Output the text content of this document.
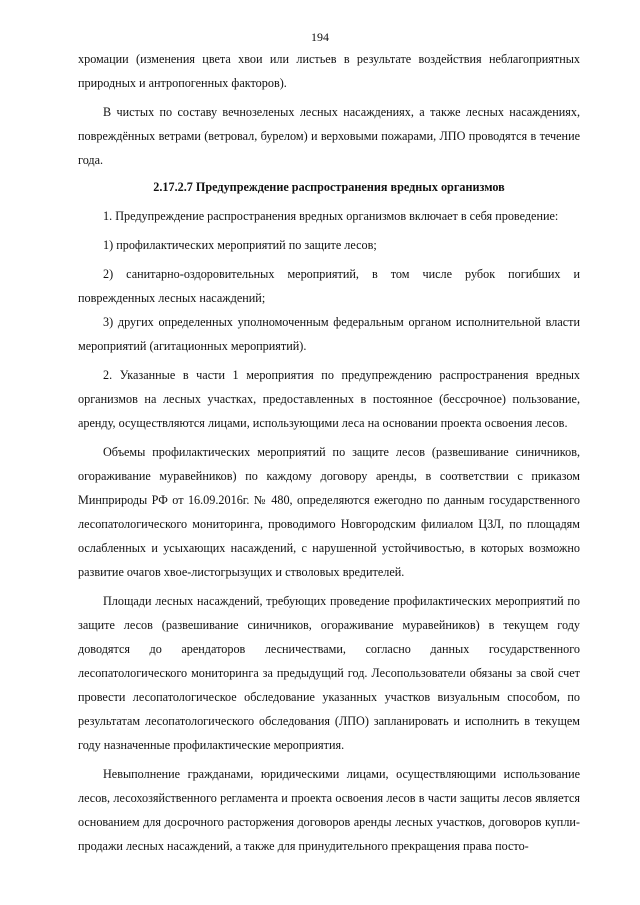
194

хромации (изменения цвета хвои или листьев в результате воздействия неблагоприятных природных и антропогенных факторов).

В чистых по составу вечнозеленых лесных насаждениях, а также лесных насаждениях, повреждённых ветрами (ветровал, бурелом) и верховыми пожарами, ЛПО проводятся в течение года.

2.17.2.7 Предупреждение распространения вредных организмов

1. Предупреждение распространения вредных организмов включает в себя проведение:

1) профилактических мероприятий по защите лесов;

2) санитарно-оздоровительных мероприятий, в том числе рубок погибших и поврежденных лесных насаждений;

3) других определенных уполномоченным федеральным органом исполнительной власти мероприятий (агитационных мероприятий).

2. Указанные в части 1 мероприятия по предупреждению распространения вредных организмов на лесных участках, предоставленных в постоянное (бессрочное) пользование, аренду, осуществляются лицами, использующими леса на основании проекта освоения лесов.

Объемы профилактических мероприятий по защите лесов (развешивание синичников, огораживание муравейников) по каждому договору аренды, в соответствии с приказом Минприроды РФ от 16.09.2016г. № 480, определяются ежегодно по данным государственного лесопатологического мониторинга, проводимого Новгородским филиалом ЦЗЛ, по площадям ослабленных и усыхающих насаждений, с нарушенной устойчивостью, в которых возможно развитие очагов хвое-листогрызущих и стволовых вредителей.

Площади лесных насаждений, требующих проведение профилактических мероприятий по защите лесов (развешивание синичников, огораживание муравейников) в текущем году доводятся до арендаторов лесничествами, согласно данных государственного лесопатологического мониторинга за предыдущий год. Лесопользователи обязаны за свой счет провести лесопатологическое обследование указанных участков визуальным способом, по результатам лесопатологического обследования (ЛПО) запланировать и исполнить в текущем году назначенные профилактические мероприятия.

Невыполнение гражданами, юридическими лицами, осуществляющими использование лесов, лесохозяйственного регламента и проекта освоения лесов в части защиты лесов является основанием для досрочного расторжения договоров аренды лесных участков, договоров купли-продажи лесных насаждений, а также для принудительного прекращения права посто-
